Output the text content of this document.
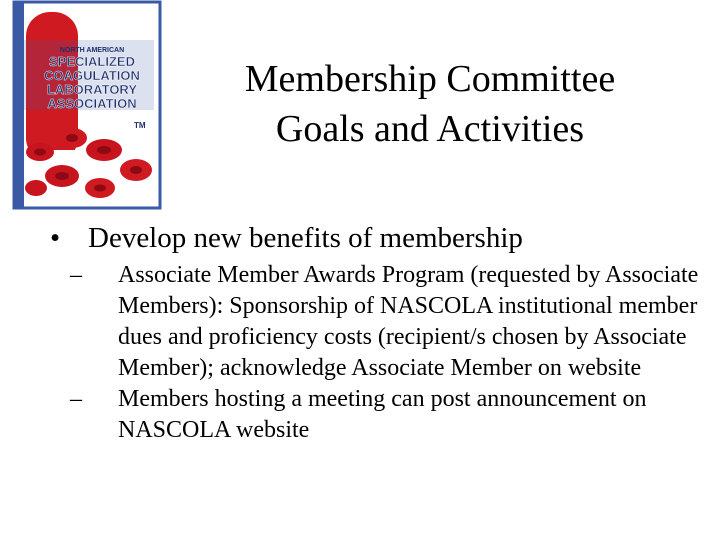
NORTH AMERICAN
SPECIALIZED
COAGULATION
LABORATORY
ASSOCIATION
TM
Membership Committee
Goals and Activities
• Develop new benefits of membership
– Associate Member Awards Program (requested by Associate Members): Sponsorship of NASCOLA institutional member dues and proficiency costs (recipient/s chosen by Associate Member); acknowledge Associate Member on website
– Members hosting a meeting can post announcement on NASCOLA website
